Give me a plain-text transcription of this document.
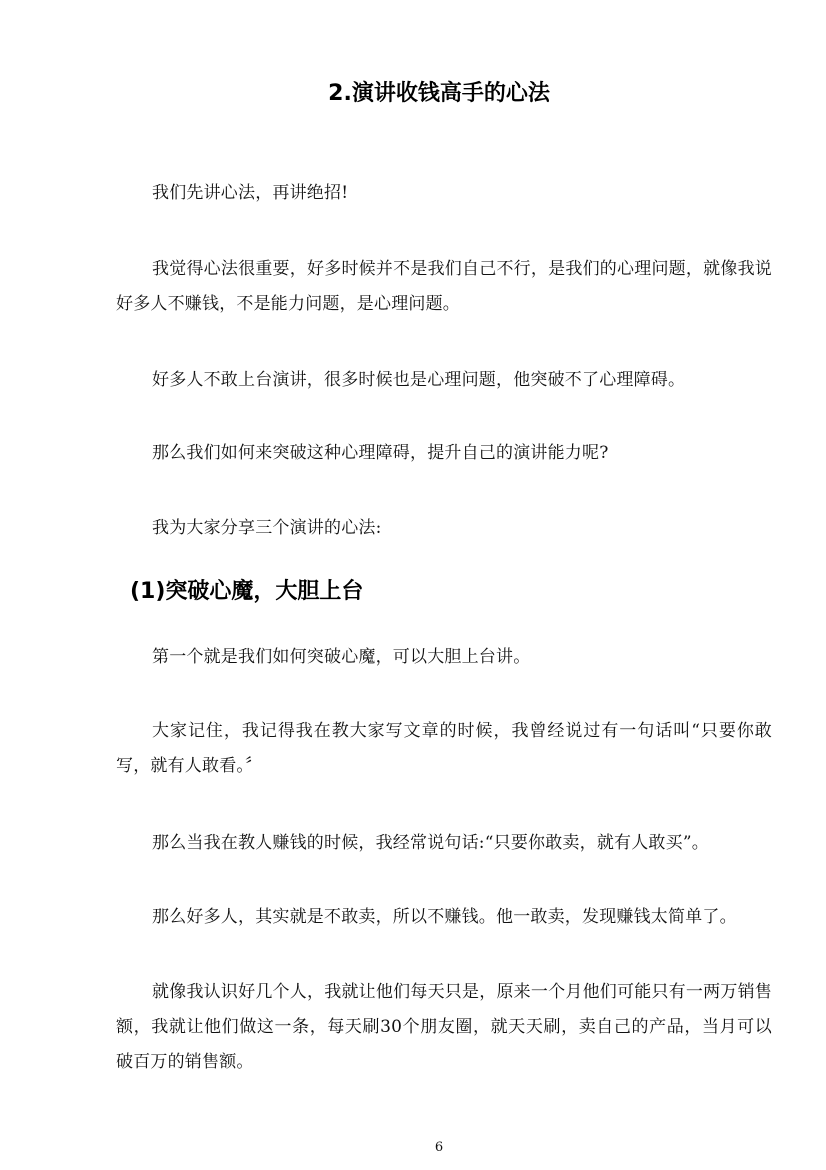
2.演讲收钱高手的心法

我们先讲心法，再讲绝招!

我觉得心法很重要，好多时候并不是我们自己不行，是我们的心理问题，就像我说好多人不赚钱，不是能力问题，是心理问题。

好多人不敢上台演讲，很多时候也是心理问题，他突破不了心理障碍。

那么我们如何来突破这种心理障碍，提升自己的演讲能力呢?

我为大家分享三个演讲的心法:

(1)突破心魔，大胆上台

第一个就是我们如何突破心魔，可以大胆上台讲。

大家记住，我记得我在教大家写文章的时候，我曾经说过有一句话叫“只要你敢写，就有人敢看。〞

那么当我在教人赚钱的时候，我经常说句话:“只要你敢卖，就有人敢买”。

那么好多人，其实就是不敢卖，所以不赚钱。他一敢卖，发现赚钱太简单了。

就像我认识好几个人，我就让他们每天只是，原来一个月他们可能只有一两万销售额，我就让他们做这一条，每天刷30个朋友圈，就天天刷，卖自己的产品，当月可以破百万的销售额。

6
